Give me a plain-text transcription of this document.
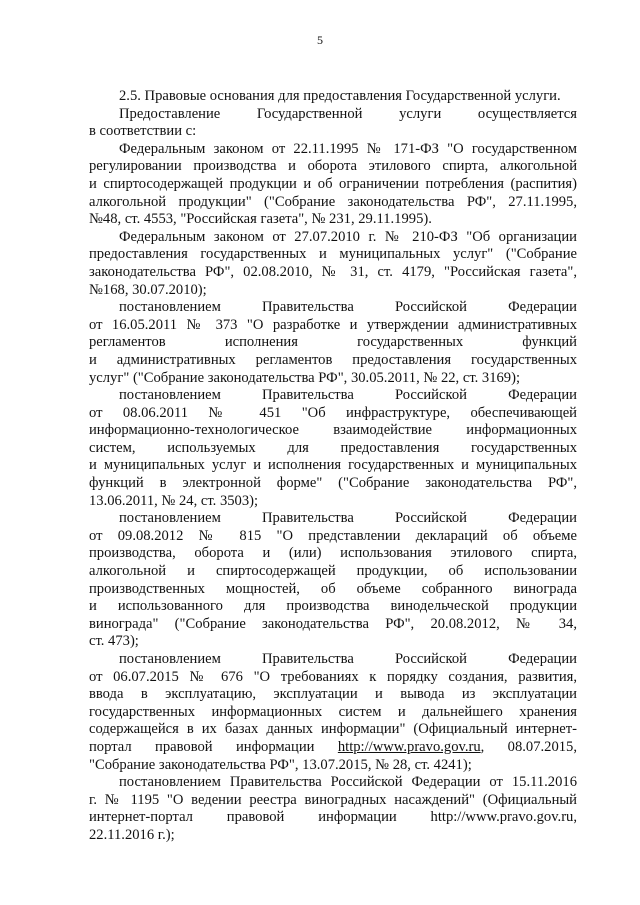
5
2.5. Правовые основания для предоставления Государственной услуги.
Предоставление Государственной услуги осуществляется
в соответствии с:
Федеральным законом от 22.11.1995 № 171-ФЗ "О государственном
регулировании производства и оборота этилового спирта, алкогольной
и спиртосодержащей продукции и об ограничении потребления (распития)
алкогольной продукции" ("Собрание законодательства РФ", 27.11.1995,
№48, ст. 4553, "Российская газета", № 231, 29.11.1995).
Федеральным законом от 27.07.2010 г. № 210-ФЗ "Об организации
предоставления государственных и муниципальных услуг" ("Собрание
законодательства РФ", 02.08.2010, № 31, ст. 4179, "Российская газета",
№168, 30.07.2010);
постановлением Правительства Российской Федерации
от 16.05.2011 № 373 "О разработке и утверждении административных
регламентов исполнения государственных функций
и административных регламентов предоставления государственных
услуг" ("Собрание законодательства РФ", 30.05.2011, № 22, ст. 3169);
постановлением Правительства Российской Федерации
от 08.06.2011 № 451 "Об инфраструктуре, обеспечивающей
информационно-технологическое взаимодействие информационных
систем, используемых для предоставления государственных
и муниципальных услуг и исполнения государственных и муниципальных
функций в электронной форме" ("Собрание законодательства РФ",
13.06.2011, № 24, ст. 3503);
постановлением Правительства Российской Федерации
от 09.08.2012 № 815 "О представлении деклараций об объеме
производства, оборота и (или) использования этилового спирта,
алкогольной и спиртосодержащей продукции, об использовании
производственных мощностей, об объеме собранного винограда
и использованного для производства винодельческой продукции
винограда" ("Собрание законодательства РФ", 20.08.2012, № 34,
ст. 473);
постановлением Правительства Российской Федерации
от 06.07.2015 № 676 "О требованиях к порядку создания, развития,
ввода в эксплуатацию, эксплуатации и вывода из эксплуатации
государственных информационных систем и дальнейшего хранения
содержащейся в их базах данных информации" (Официальный интернет-
портал правовой информации http://www.pravo.gov.ru, 08.07.2015,
"Собрание законодательства РФ", 13.07.2015, № 28, ст. 4241);
постановлением Правительства Российской Федерации от 15.11.2016
г. № 1195 "О ведении реестра виноградных насаждений" (Официальный
интернет-портал правовой информации http://www.pravo.gov.ru,
22.11.2016 г.);
